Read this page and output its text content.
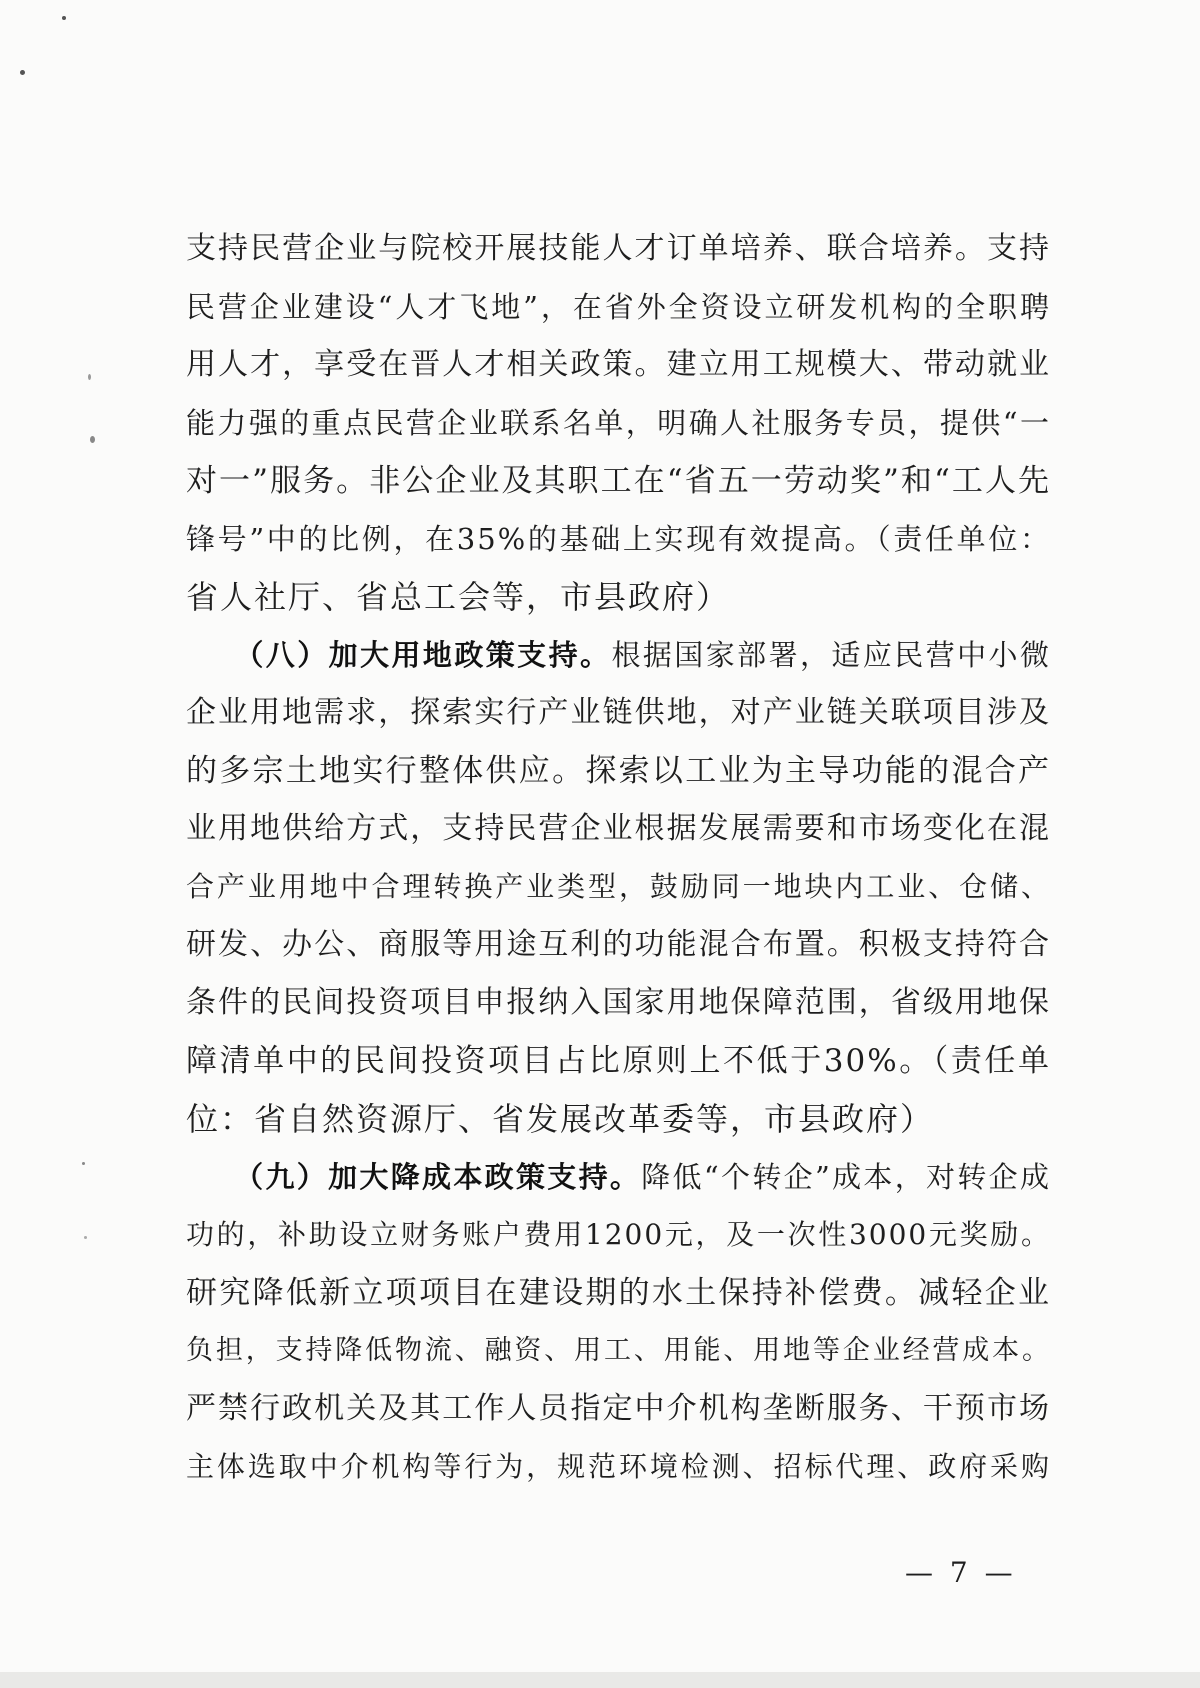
支持民营企业与院校开展技能人才订单培养、联合培养。支持
民营企业建设“人才飞地”，在省外全资设立研发机构的全职聘
用人才，享受在晋人才相关政策。建立用工规模大、带动就业
能力强的重点民营企业联系名单，明确人社服务专员，提供“一
对一”服务。非公企业及其职工在“省五一劳动奖”和“工人先
锋号”中的比例，在35%的基础上实现有效提高。（责任单位：
省人社厅、省总工会等，市县政府）
　　（八）加大用地政策支持。根据国家部署，适应民营中小微
企业用地需求，探索实行产业链供地，对产业链关联项目涉及
的多宗土地实行整体供应。探索以工业为主导功能的混合产
业用地供给方式，支持民营企业根据发展需要和市场变化在混
合产业用地中合理转换产业类型，鼓励同一地块内工业、仓储、
研发、办公、商服等用途互利的功能混合布置。积极支持符合
条件的民间投资项目申报纳入国家用地保障范围，省级用地保
障清单中的民间投资项目占比原则上不低于30%。（责任单
位：省自然资源厅、省发展改革委等，市县政府）
　　（九）加大降成本政策支持。降低“个转企”成本，对转企成
功的，补助设立财务账户费用1200元，及一次性3000元奖励。
研究降低新立项项目在建设期的水土保持补偿费。减轻企业
负担，支持降低物流、融资、用工、用能、用地等企业经营成本。
严禁行政机关及其工作人员指定中介机构垄断服务、干预市场
主体选取中介机构等行为，规范环境检测、招标代理、政府采购
— 7 —
